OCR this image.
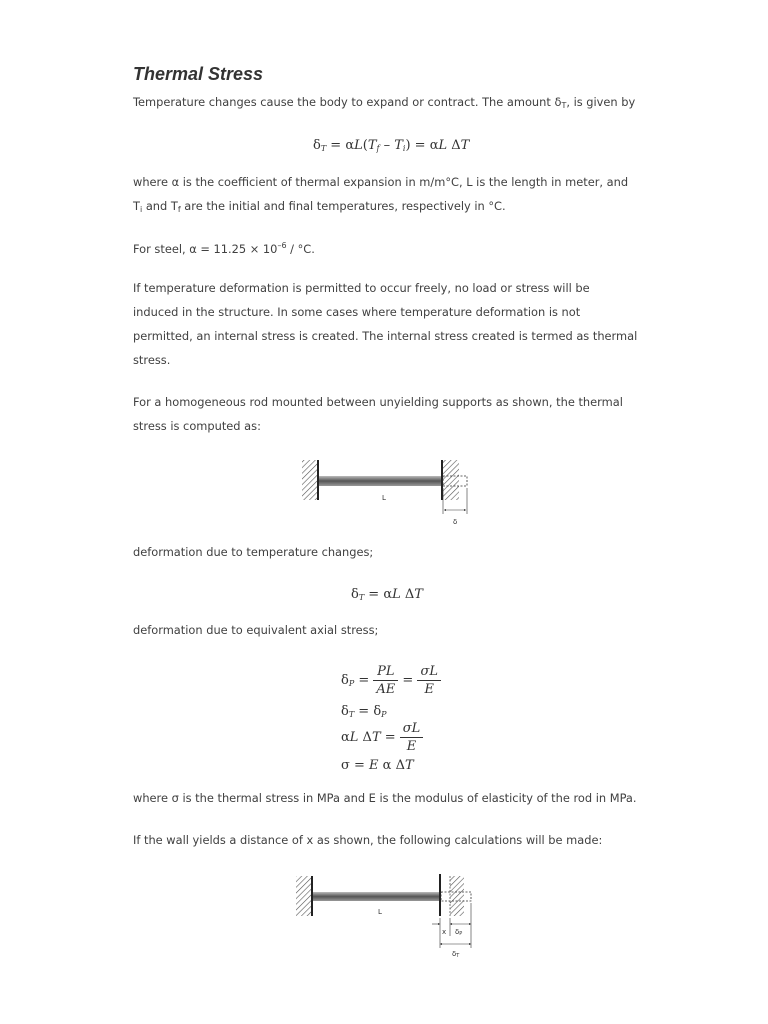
Thermal Stress

Temperature changes cause the body to expand or contract. The amount $\delta_T$, is given by

$\delta_T = \alpha L(T_f - T_i) = \alpha L$ ΔT

where α is the coefficient of thermal expansion in m/m°C, L is the length in meter, and

$T_i$ and $T_f$ are the initial and final temperatures, respectively in °C.

For steel, $\alpha = 11.25 \times 10^{-6} / ^\circ C$.

If temperature deformation is permitted to occur freely, no load or stress will be

induced in the structure. In some cases where temperature deformation is not

permitted, an internal stress is created. The internal stress created is termed as thermal

stress.

For a homogeneous rod mounted between unyielding supports as shown, the thermal

stress is computed as:

L
δ

deformation due to temperature changes;

$\delta_T = \alpha L$ ΔT

deformation due to equivalent axial stress;

$\delta_P = \frac{PL}{AE} = \frac{\sigma L}{E}$
$\delta_T = \delta_P$
αL $\Delta T = \frac{\sigma L}{E}$
σ = E α ΔT

where σ is the thermal stress in MPa and E is the modulus of elasticity of the rod in MPa.

If the wall yields a distance of x as shown, the following calculations will be made:

L
x δP
δT
